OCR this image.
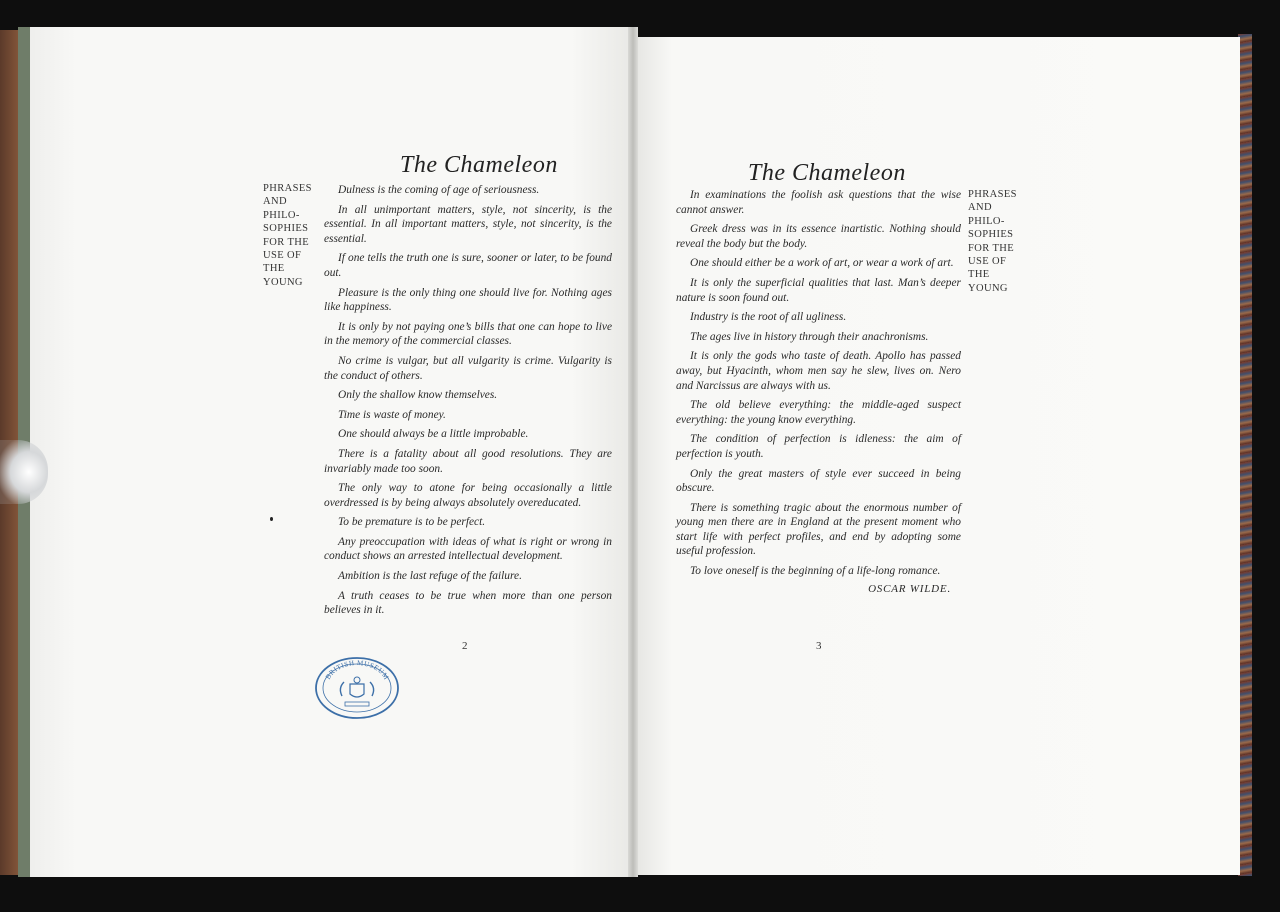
The Chameleon
PHRASES
AND
PHILO-
SOPHIES
FOR THE
USE OF
THE
YOUNG

Dulness is the coming of age of seriousness.

In all unimportant matters, style, not sincerity, is the essential. In all important matters, style, not sincerity, is the essential.

If one tells the truth one is sure, sooner or later, to be found out.

Pleasure is the only thing one should live for. Nothing ages like happiness.

It is only by not paying one’s bills that one can hope to live in the memory of the commercial classes.

No crime is vulgar, but all vulgarity is crime. Vulgarity is the conduct of others.

Only the shallow know themselves.

Time is waste of money.

One should always be a little improbable.

There is a fatality about all good resolutions. They are invariably made too soon.

The only way to atone for being occasionally a little overdressed is by being always absolutely overeducated.

To be premature is to be perfect.

Any preoccupation with ideas of what is right or wrong in conduct shows an arrested intellectual development.

Ambition is the last refuge of the failure.

A truth ceases to be true when more than one person believes in it.

2
BRITISH MUSEUM
The Chameleon
PHRASES
AND
PHILO-
SOPHIES
FOR THE
USE OF
THE
YOUNG

In examinations the foolish ask questions that the wise cannot answer.

Greek dress was in its essence inartistic. Nothing should reveal the body but the body.

One should either be a work of art, or wear a work of art.

It is only the superficial qualities that last. Man’s deeper nature is soon found out.

Industry is the root of all ugliness.

The ages live in history through their anachronisms.

It is only the gods who taste of death. Apollo has passed away, but Hyacinth, whom men say he slew, lives on. Nero and Narcissus are always with us.

The old believe everything: the middle-aged suspect everything: the young know everything.

The condition of perfection is idleness: the aim of perfection is youth.

Only the great masters of style ever succeed in being obscure.

There is something tragic about the enormous number of young men there are in England at the present moment who start life with perfect profiles, and end by adopting some useful profession.

To love oneself is the beginning of a life-long romance.

OSCAR WILDE.
3
